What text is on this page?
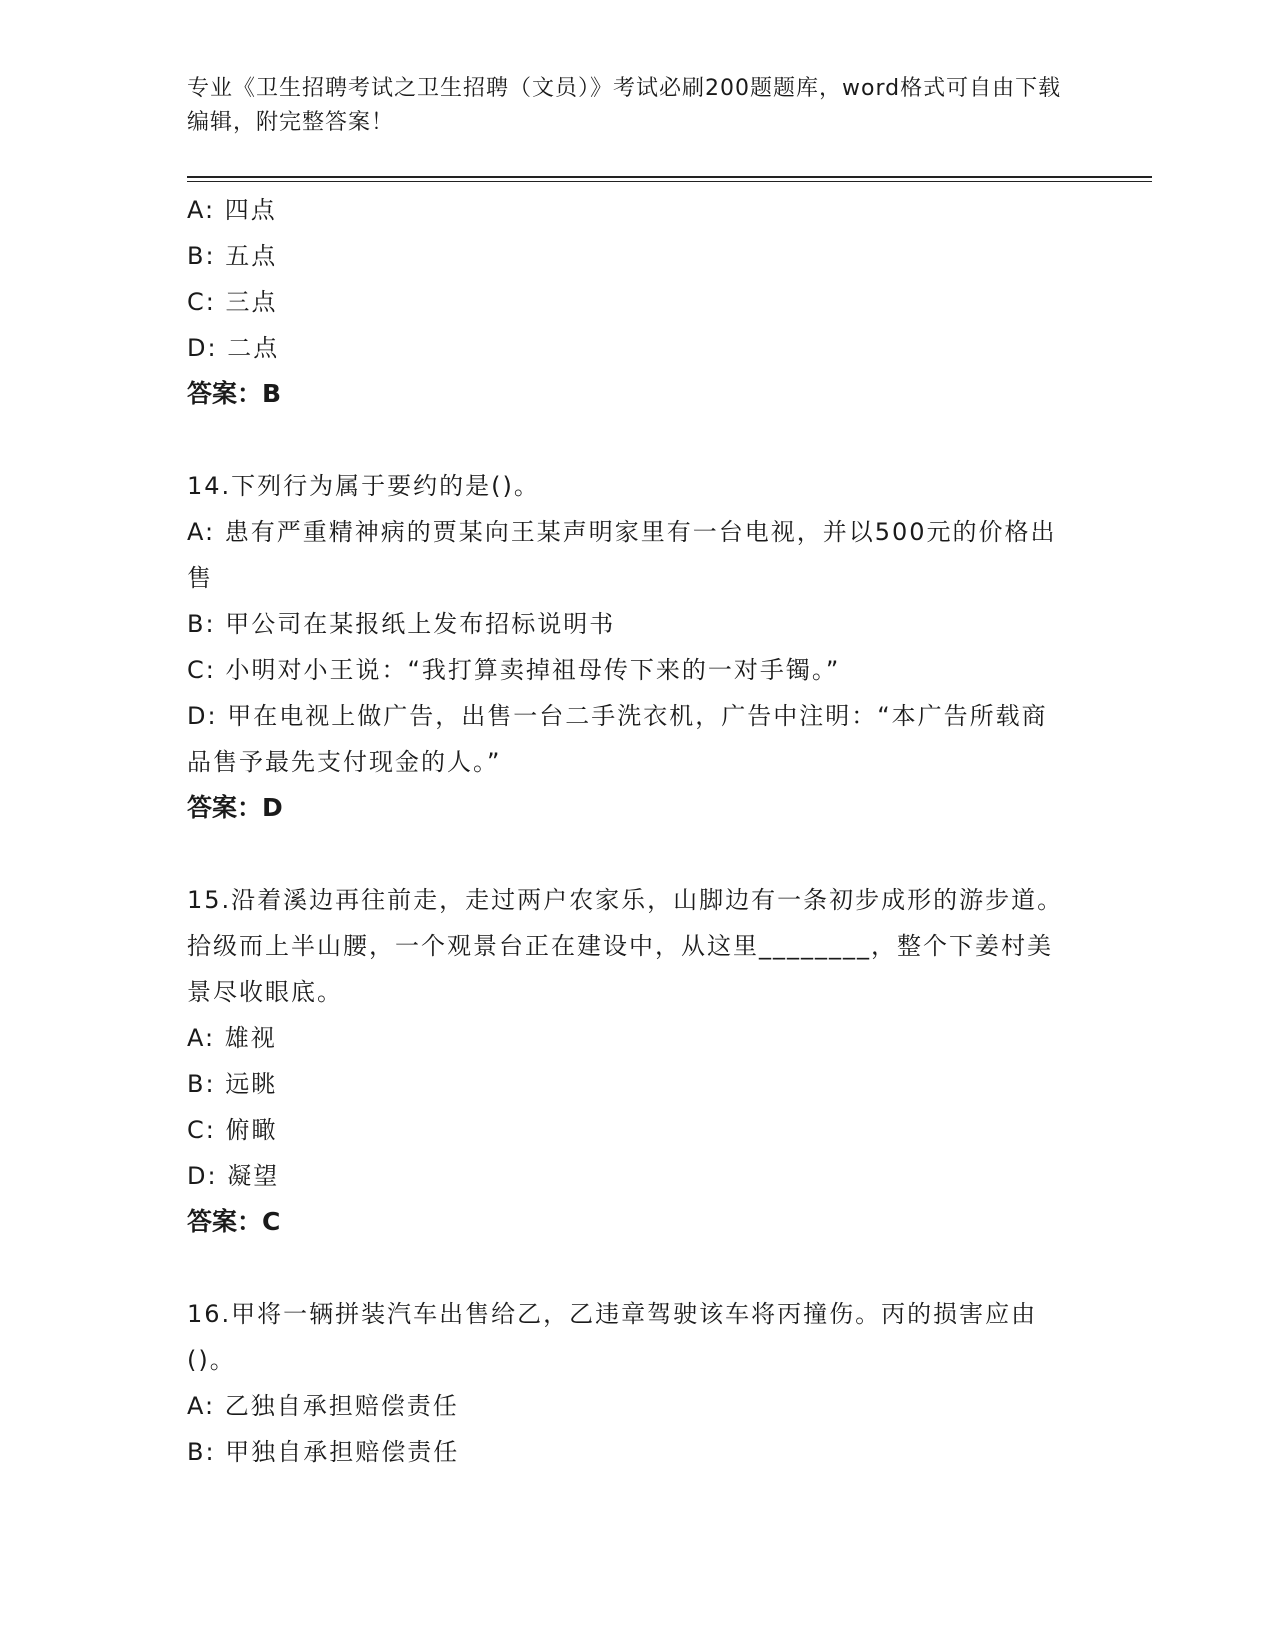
专业《卫生招聘考试之卫生招聘（文员）》考试必刷200题题库，word格式可自由下载编辑，附完整答案！
A: 四点
B: 五点
C: 三点
D: 二点
答案：B
14.下列行为属于要约的是()。
A: 患有严重精神病的贾某向王某声明家里有一台电视，并以500元的价格出售
B: 甲公司在某报纸上发布招标说明书
C: 小明对小王说：“我打算卖掉祖母传下来的一对手镯。”
D: 甲在电视上做广告，出售一台二手洗衣机，广告中注明：“本广告所载商品售予最先支付现金的人。”
答案：D
15.沿着溪边再往前走，走过两户农家乐，山脚边有一条初步成形的游步道。拾级而上半山腰，一个观景台正在建设中，从这里________，整个下姜村美景尽收眼底。
A: 雄视
B: 远眺
C: 俯瞰
D: 凝望
答案：C
16.甲将一辆拼装汽车出售给乙，乙违章驾驶该车将丙撞伤。丙的损害应由()。
A: 乙独自承担赔偿责任
B: 甲独自承担赔偿责任
